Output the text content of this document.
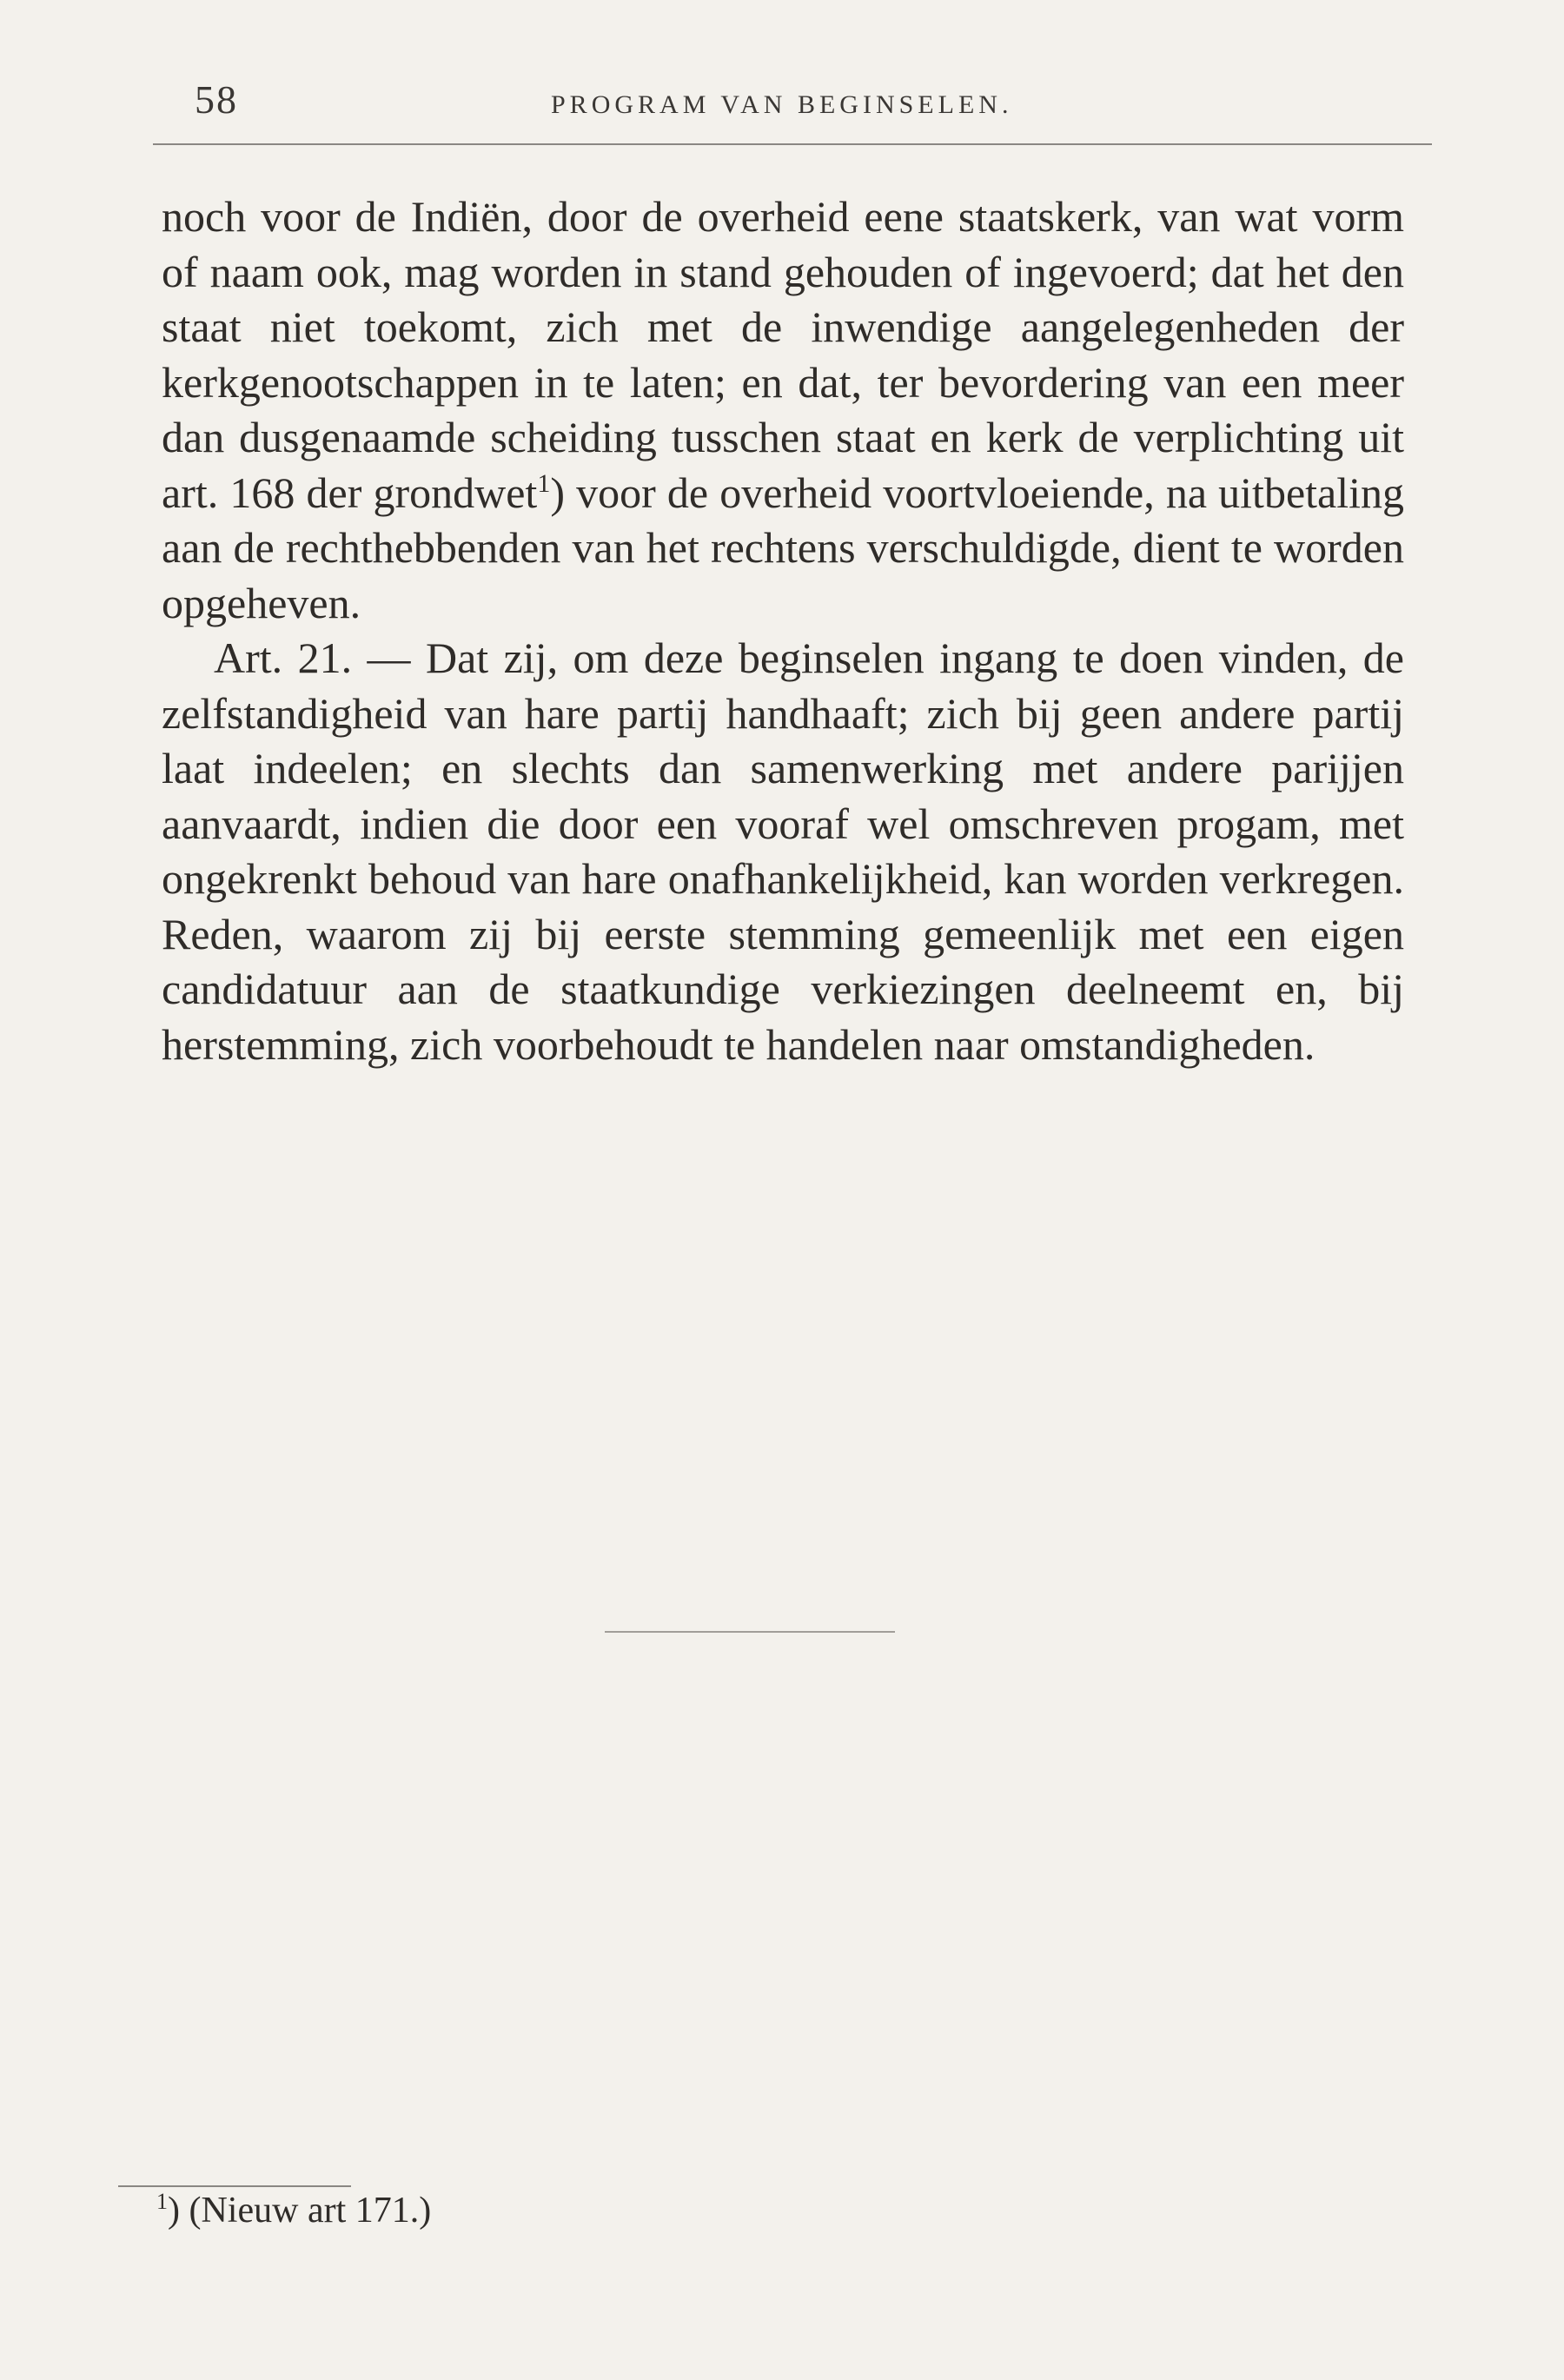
58	PROGRAM VAN BEGINSELEN.

noch voor de Indiën, door de overheid eene staatskerk, van wat vorm of naam ook, mag worden in stand gehouden of ingevoerd; dat het den staat niet toekomt, zich met de inwendige aangelegenheden der kerkgenootschappen in te laten; en dat, ter bevordering van een meer dan dusgenaamde scheiding tusschen staat en kerk de verplichting uit art. 168 der grondwet$^1$) voor de overheid voortvloeiende, na uitbetaling aan de rechthebbenden van het rechtens verschuldigde, dient te worden opgeheven.

Art. 21. — Dat zij, om deze beginselen ingang te doen vinden, de zelfstandigheid van hare partij handhaaft; zich bij geen andere partij laat indeelen; en slechts dan samenwerking met andere parijjen aanvaardt, indien die door een vooraf wel omschreven progam, met ongekrenkt behoud van hare onafhankelijkheid, kan worden verkregen. Reden, waarom zij bij eerste stemming gemeenlijk met een eigen candidatuur aan de staatkundige verkiezingen deelneemt en, bij herstemming, zich voorbehoudt te handelen naar omstandigheden.

$^1$) (Nieuw art 171.)
